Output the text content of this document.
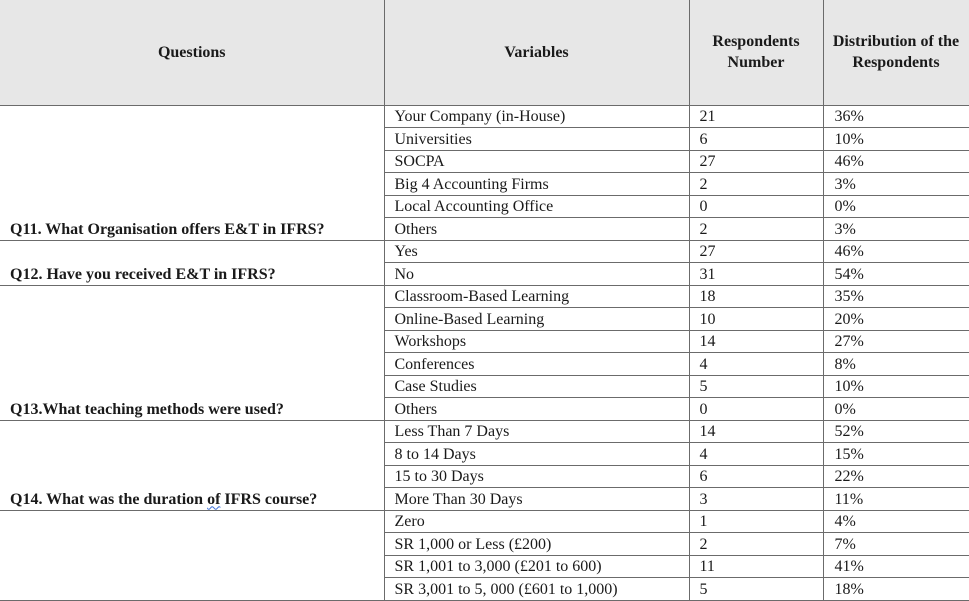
Questions	Variables	Respondents Number	Distribution of the Respondents
Q11. What Organisation offers E&T in IFRS?	Your Company (in-House)	21	36%
	Universities	6	10%
	SOCPA	27	46%
	Big 4 Accounting Firms	2	3%
	Local Accounting Office	0	0%
	Others	2	3%
Q12. Have you received E&T in IFRS?	Yes	27	46%
	No	31	54%
Q13.What teaching methods were used?	Classroom-Based Learning	18	35%
	Online-Based Learning	10	20%
	Workshops	14	27%
	Conferences	4	8%
	Case Studies	5	10%
	Others	0	0%
Q14. What was the duration of IFRS course?	Less Than 7 Days	14	52%
	8 to 14 Days	4	15%
	15 to 30 Days	6	22%
	More Than 30 Days	3	11%
	Zero	1	4%
	SR 1,000 or Less (£200)	2	7%
	SR 1,001 to 3,000 (£201 to 600)	11	41%
	SR 3,001 to 5, 000 (£601 to 1,000)	5	18%
